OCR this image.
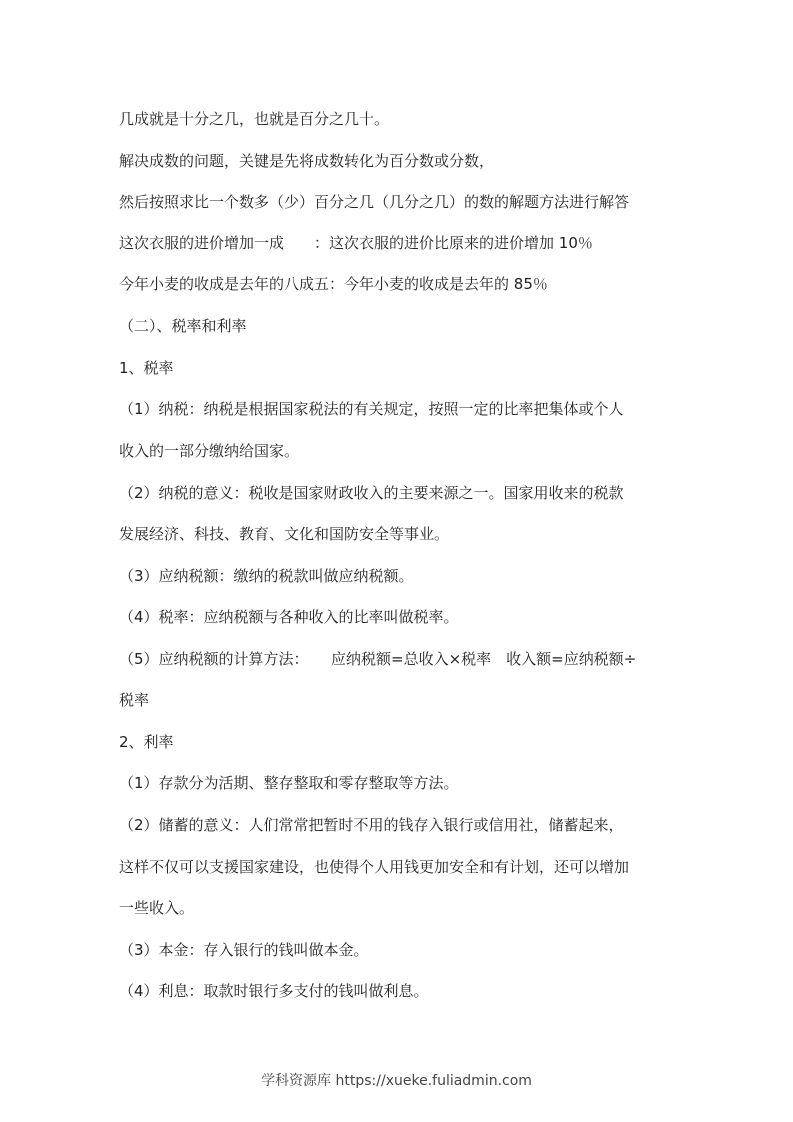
几成就是十分之几，也就是百分之几十。
解决成数的问题，关键是先将成数转化为百分数或分数，
然后按照求比一个数多（少）百分之几（几分之几）的数的解题方法进行解答
这次衣服的进价增加一成　　：这次衣服的进价比原来的进价增加 10％
今年小麦的收成是去年的八成五：今年小麦的收成是去年的 85％
（二）、税率和利率
1、税率
（1）纳税：纳税是根据国家税法的有关规定，按照一定的比率把集体或个人
收入的一部分缴纳给国家。
（2）纳税的意义：税收是国家财政收入的主要来源之一。国家用收来的税款
发展经济、科技、教育、文化和国防安全等事业。
（3）应纳税额：缴纳的税款叫做应纳税额。
（4）税率：应纳税额与各种收入的比率叫做税率。
（5）应纳税额的计算方法：　　应纳税额=总收入×税率　收入额=应纳税额÷
税率
2、利率
（1）存款分为活期、整存整取和零存整取等方法。
（2）储蓄的意义：人们常常把暂时不用的钱存入银行或信用社，储蓄起来，
这样不仅可以支援国家建设，也使得个人用钱更加安全和有计划，还可以增加
一些收入。
（3）本金：存入银行的钱叫做本金。
（4）利息：取款时银行多支付的钱叫做利息。
学科资源库 https://xueke.fuliadmin.com
